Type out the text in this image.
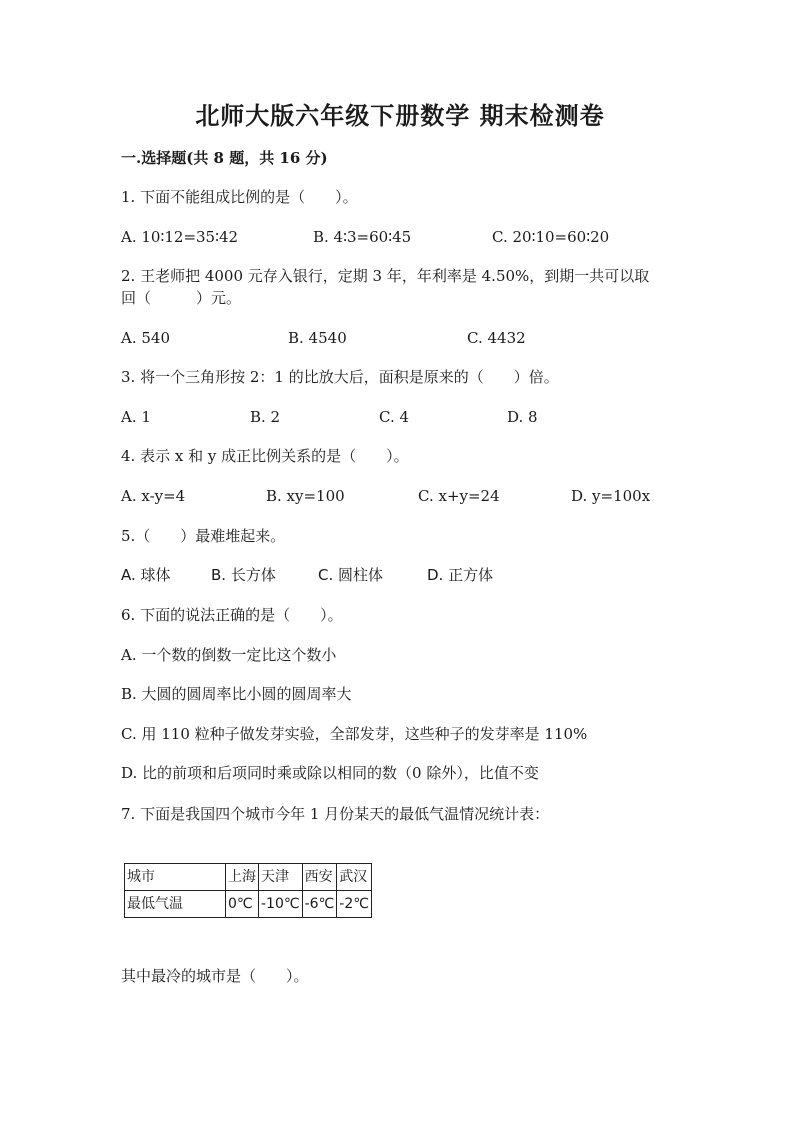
北师大版六年级下册数学 期末检测卷
一.选择题(共 8 题，共 16 分)
1. 下面不能组成比例的是（　　）。
A. 10∶12=35∶42	B. 4∶3=60∶45	C. 20∶10=60∶20
2. 王老师把 4000 元存入银行，定期 3 年，年利率是 4.50%，到期一共可以取
回（　　　）元。
A. 540	B. 4540	C. 4432
3. 将一个三角形按 2：1 的比放大后，面积是原来的（　　）倍。
A. 1	B. 2	C. 4	D. 8
4. 表示 x 和 y 成正比例关系的是（　　）。
A. x-y=4	B. xy=100	C. x+y=24	D. y=100x
5.（　　）最难堆起来。
A. 球体	B. 长方体	C. 圆柱体	D. 正方体
6. 下面的说法正确的是（　　）。
A. 一个数的倒数一定比这个数小
B. 大圆的圆周率比小圆的圆周率大
C. 用 110 粒种子做发芽实验，全部发芽，这些种子的发芽率是 110%
D. 比的前项和后项同时乘或除以相同的数（0 除外），比值不变
7. 下面是我国四个城市今年 1 月份某天的最低气温情况统计表：
城市	上海	天津	西安	武汉
最低气温	0℃	-10℃	-6℃	-2℃
其中最冷的城市是（　　）。
